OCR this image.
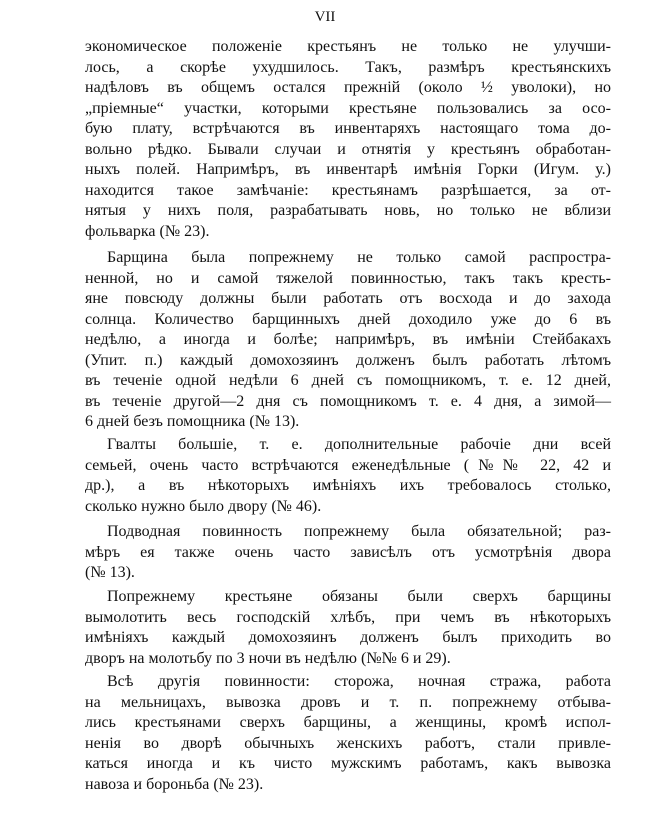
VII
экономическое положенiе крестьянъ не только не улучши-
лось, а скорѣе ухудшилось. Такъ, размѣръ крестьянскихъ
надѣловъ въ общемъ остался прежнiй (около ½ уволоки), но
„прiемные“ участки, которыми крестьяне пользовались за осо-
бую плату, встрѣчаются въ инвентаряхъ настоящаго тома до-
вольно рѣдко. Бывали случаи и отнятiя у крестьянъ обработан-
ныхъ полей. Напримѣръ, въ инвентарѣ имѣнiя Горки (Игум. у.)
находится такое замѣчанiе: крестьянамъ разрѣшается, за от-
нятыя у нихъ поля, разрабатывать новь, но только не вблизи
фольварка (№ 23).
Барщина была попрежнему не только самой распростра-
ненной, но и самой тяжелой повинностью, такъ такъ кресть-
яне повсюду должны были работать отъ восхода и до захода
солнца. Количество барщинныхъ дней доходило уже до 6 въ
недѣлю, а иногда и болѣе; напримѣръ, въ имѣнiи Стейбакахъ
(Упит. п.) каждый домохозяинъ долженъ былъ работать лѣтомъ
въ теченiе одной недѣли 6 дней съ помощникомъ, т. е. 12 дней,
въ теченiе другой—2 дня съ помощникомъ т. е. 4 дня, а зимой—
6 дней безъ помощника (№ 13).
Гвалты большiе, т. е. дополнительные рабочiе дни всей
семьей, очень часто встрѣчаются еженедѣльные (№№ 22, 42 и
др.), а въ нѣкоторыхъ имѣнiяхъ ихъ требовалось столько,
сколько нужно было двору (№ 46).
Подводная повинность попрежнему была обязательной; раз-
мѣръ ея также очень часто зависѣлъ отъ усмотрѣнiя двора
(№ 13).
Попрежнему крестьяне обязаны были сверхъ барщины
вымолотить весь господскiй хлѣбъ, при чемъ въ нѣкоторыхъ
имѣнiяхъ каждый домохозяинъ долженъ былъ приходить во
дворъ на молотьбу по 3 ночи въ недѣлю (№№ 6 и 29).
Всѣ другiя повинности: сторожа, ночная стража, работа
на мельницахъ, вывозка дровъ и т. п. попрежнему отбыва-
лись крестьянами сверхъ барщины, а женщины, кромѣ испол-
ненiя во дворѣ обычныхъ женскихъ работъ, стали привле-
каться иногда и къ чисто мужскимъ работамъ, какъ вывозка
навоза и бороньба (№ 23).
